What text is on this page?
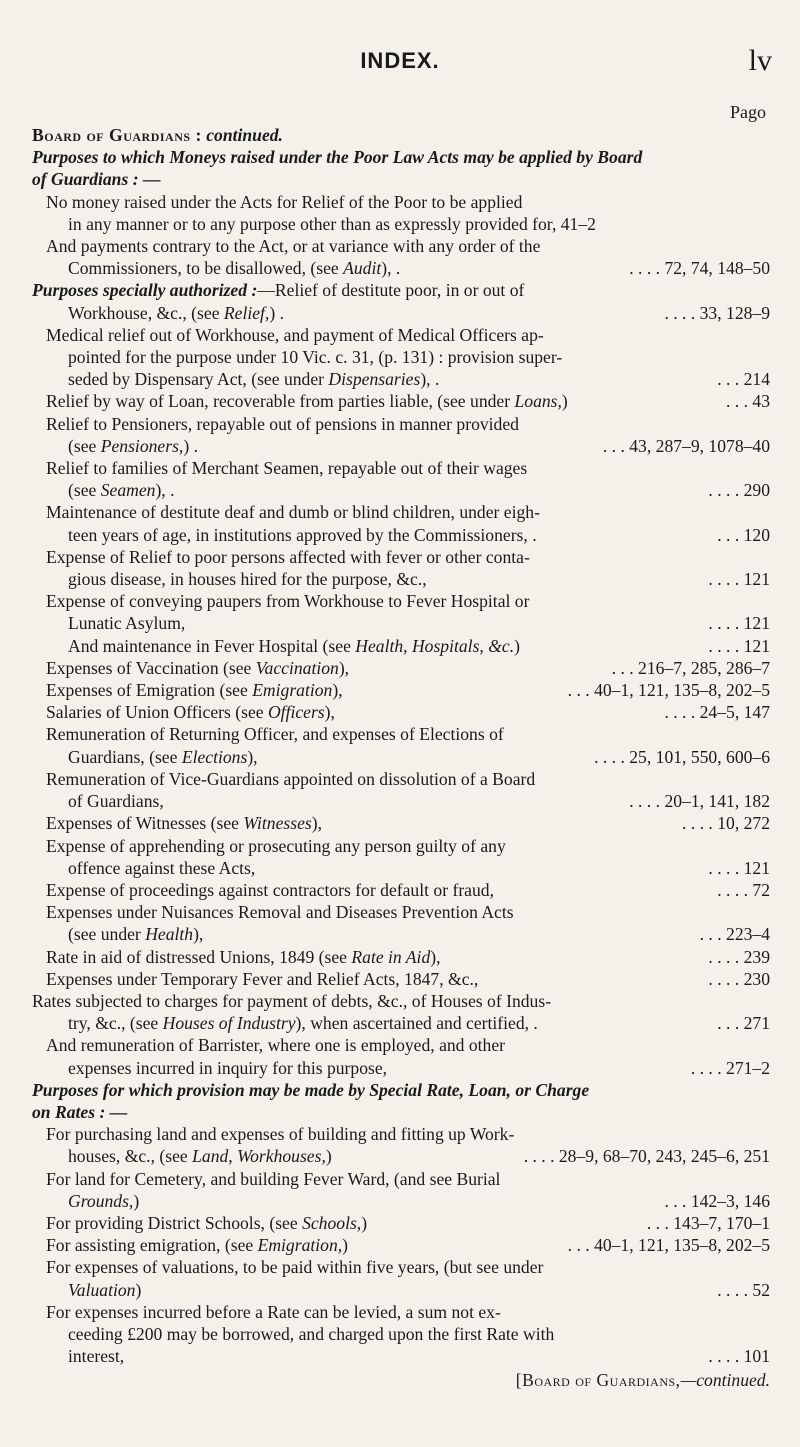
INDEX.	lv
Pago
Board of Guardians : continued.
Purposes to which Moneys raised under the Poor Law Acts may be applied by Board
of Guardians : —
No money raised under the Acts for Relief of the Poor to be applied
in any manner or to any purpose other than as expressly provided for, 41–2
And payments contrary to the Act, or at variance with any order of the
Commissioners, to be disallowed, (see Audit), .	. . . . 72, 74, 148–50
Purposes specially authorized :—Relief of destitute poor, in or out of
Workhouse, &c., (see Relief,) .	. . . . 33, 128–9
Medical relief out of Workhouse, and payment of Medical Officers ap-
pointed for the purpose under 10 Vic. c. 31, (p. 131) : provision super-
seded by Dispensary Act, (see under Dispensaries), .	. . . 214
Relief by way of Loan, recoverable from parties liable, (see under Loans,)	. . . 43
Relief to Pensioners, repayable out of pensions in manner provided
(see Pensioners,) .	. . . 43, 287–9, 1078–40
Relief to families of Merchant Seamen, repayable out of their wages
(see Seamen), .	. . . . 290
Maintenance of destitute deaf and dumb or blind children, under eigh-
teen years of age, in institutions approved by the Commissioners, .	. . . 120
Expense of Relief to poor persons affected with fever or other conta-
gious disease, in houses hired for the purpose, &c.,	. . . . 121
Expense of conveying paupers from Workhouse to Fever Hospital or
Lunatic Asylum,	. . . . 121
And maintenance in Fever Hospital (see Health, Hospitals, &c.)	. . . . 121
Expenses of Vaccination (see Vaccination),	. . . 216–7, 285, 286–7
Expenses of Emigration (see Emigration),	. . . 40–1, 121, 135–8, 202–5
Salaries of Union Officers (see Officers),	. . . . 24–5, 147
Remuneration of Returning Officer, and expenses of Elections of
Guardians, (see Elections),	. . . . 25, 101, 550, 600–6
Remuneration of Vice-Guardians appointed on dissolution of a Board
of Guardians,	. . . . 20–1, 141, 182
Expenses of Witnesses (see Witnesses),	. . . . 10, 272
Expense of apprehending or prosecuting any person guilty of any
offence against these Acts,	. . . . 121
Expense of proceedings against contractors for default or fraud,	. . . . 72
Expenses under Nuisances Removal and Diseases Prevention Acts
(see under Health),	. . . 223–4
Rate in aid of distressed Unions, 1849 (see Rate in Aid),	. . . . 239
Expenses under Temporary Fever and Relief Acts, 1847, &c.,	. . . . 230
Rates subjected to charges for payment of debts, &c., of Houses of Indus-
try, &c., (see Houses of Industry), when ascertained and certified, .	. . . 271
And remuneration of Barrister, where one is employed, and other
expenses incurred in inquiry for this purpose,	. . . . 271–2
Purposes for which provision may be made by Special Rate, Loan, or Charge
on Rates : —
For purchasing land and expenses of building and fitting up Work-
houses, &c., (see Land, Workhouses,)	. . . . 28–9, 68–70, 243, 245–6, 251
For land for Cemetery, and building Fever Ward, (and see Burial
Grounds,)	. . . 142–3, 146
For providing District Schools, (see Schools,)	. . . 143–7, 170–1
For assisting emigration, (see Emigration,)	. . . 40–1, 121, 135–8, 202–5
For expenses of valuations, to be paid within five years, (but see under
Valuation)	. . . . 52
For expenses incurred before a Rate can be levied, a sum not ex-
ceeding £200 may be borrowed, and charged upon the first Rate with
interest,	. . . . 101
[Board of Guardians,—continued.
